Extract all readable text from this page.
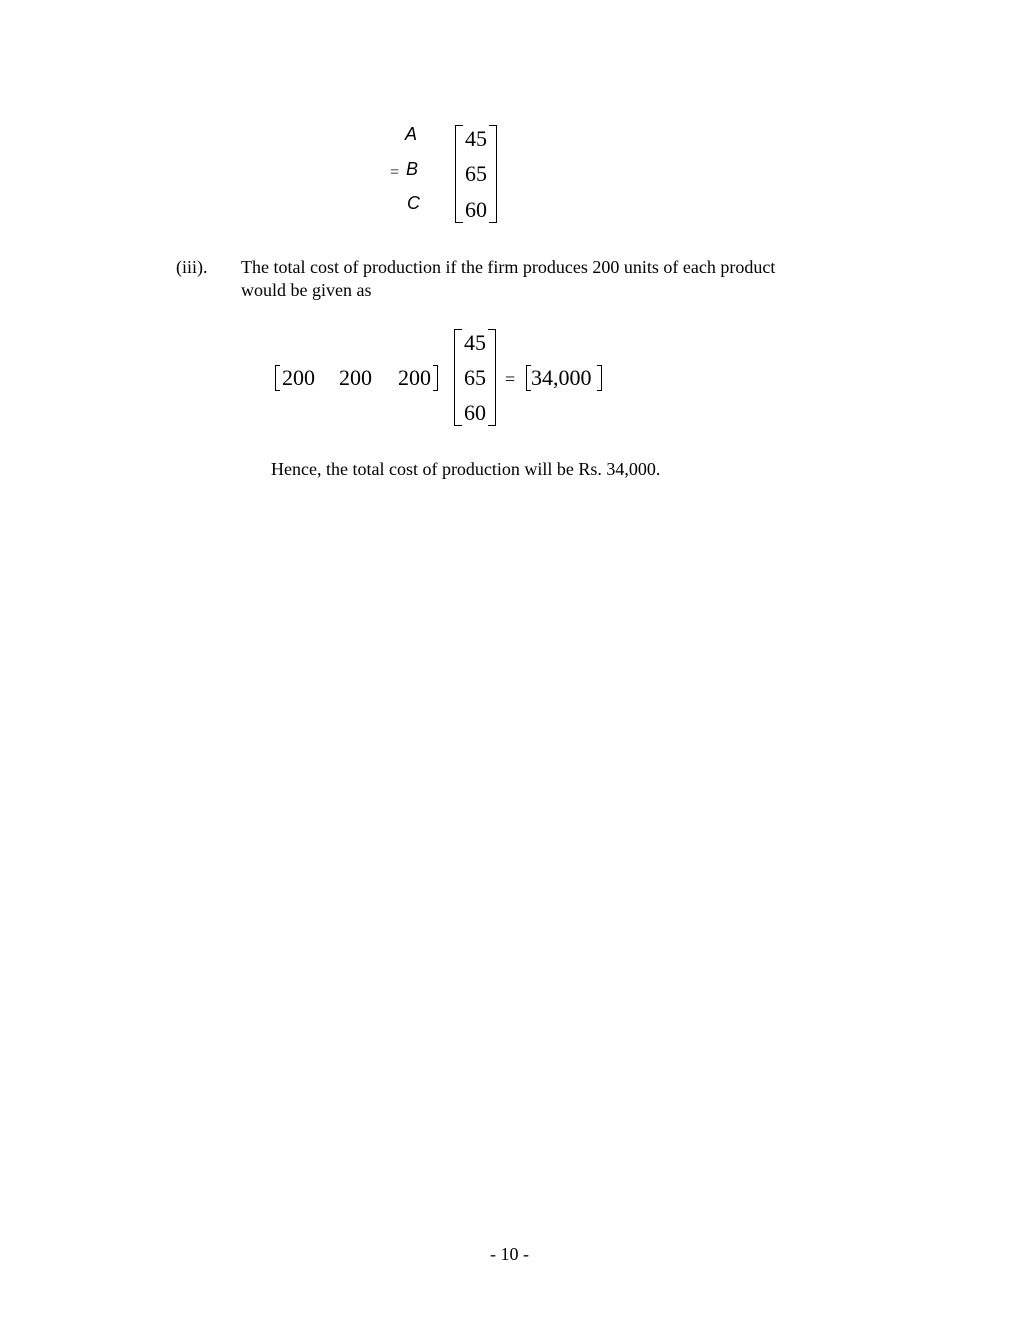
A
B
C
=
45
65
60
(iii). The total cost of production if the firm produces 200 units of each product
would be given as
200 200 200
45
65
60
= 34,000
Hence, the total cost of production will be Rs. 34,000.
- 10 -
